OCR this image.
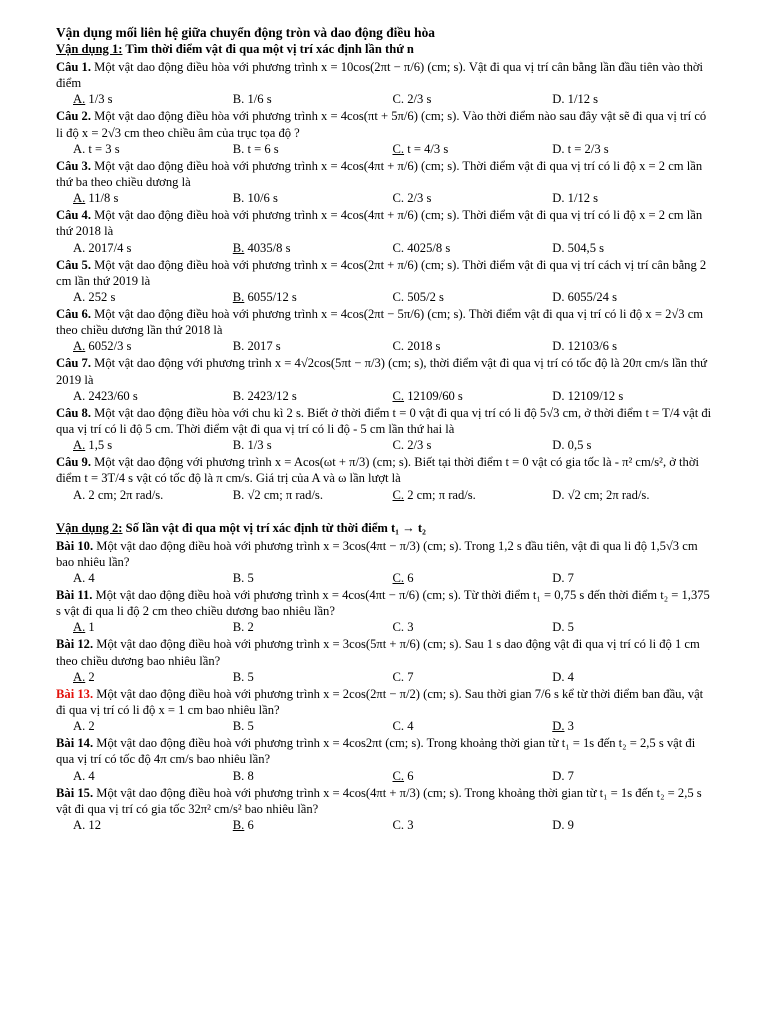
Vận dụng mối liên hệ giữa chuyển động tròn và dao động điều hòa
Vận dụng 1: Tìm thời điểm vật đi qua một vị trí xác định lần thứ n
Câu 1. Một vật dao động điều hòa với phương trình x = 10cos(2πt − π/6) (cm; s). Vật đi qua vị trí cân bằng lần đầu tiên vào thời điểm
A. 1/3 s	B. 1/6 s	C. 2/3 s	D. 1/12 s
Câu 2. Một vật dao động điều hòa với phương trình x = 4cos(πt + 5π/6) (cm; s). Vào thời điểm nào sau đây vật sẽ đi qua vị trí có li độ x = 2√3 cm theo chiều âm của trục tọa độ ?
A. t = 3 s	B. t = 6 s	C. t = 4/3 s	D. t = 2/3 s
Câu 3. Một vật dao động điều hoà với phương trình x = 4cos(4πt + π/6) (cm; s). Thời điểm vật đi qua vị trí có li độ x = 2 cm lần thứ ba theo chiều dương là
A. 11/8 s	B. 10/6 s	C. 2/3 s	D. 1/12 s
Câu 4. Một vật dao động điều hoà với phương trình x = 4cos(4πt + π/6) (cm; s). Thời điểm vật đi qua vị trí có li độ x = 2 cm lần thứ 2018 là
A. 2017/4 s	B. 4035/8 s	C. 4025/8 s	D. 504,5 s
Câu 5. Một vật dao động điều hoà với phương trình x = 4cos(2πt + π/6) (cm; s). Thời điểm vật đi qua vị trí cách vị trí cân bằng 2 cm lần thứ 2019 là
A. 252 s	B. 6055/12 s	C. 505/2 s	D. 6055/24 s
Câu 6. Một vật dao động điều hoà với phương trình x = 4cos(2πt − 5π/6) (cm; s). Thời điểm vật đi qua vị trí có li độ x = 2√3 cm theo chiều dương lần thứ 2018 là
A. 6052/3 s	B. 2017 s	C. 2018 s	D. 12103/6 s
Câu 7. Một vật dao động với phương trình x = 4√2cos(5πt − π/3) (cm; s), thời điểm vật đi qua vị trí có tốc độ là 20π cm/s lần thứ 2019 là
A. 2423/60 s	B. 2423/12 s	C. 12109/60 s	D. 12109/12 s
Câu 8. Một vật dao động điều hòa với chu kì 2 s. Biết ở thời điểm t = 0 vật đi qua vị trí có li độ 5√3 cm, ở thời điểm t = T/4 vật đi qua vị trí có li độ 5 cm. Thời điểm vật đi qua vị trí có li độ - 5 cm lần thứ hai là
A. 1,5 s	B. 1/3 s	C. 2/3 s	D. 0,5 s
Câu 9. Một vật dao động với phương trình x = Acos(ωt + π/3) (cm; s). Biết tại thời điểm t = 0 vật có gia tốc là - π² cm/s², ở thời điểm t = 3T/4 s vật có tốc độ là π cm/s. Giá trị của A và ω lần lượt là
A. 2 cm; 2π rad/s.	B. √2 cm; π rad/s.	C. 2 cm; π rad/s.	D. √2 cm; 2π rad/s.
Vận dụng 2: Số lần vật đi qua một vị trí xác định từ thời điểm t₁ → t₂
Bài 10. Một vật dao động điều hoà với phương trình x = 3cos(4πt − π/3) (cm; s). Trong 1,2 s đầu tiên, vật đi qua li độ 1,5√3 cm bao nhiêu lần?
A. 4	B. 5	C. 6	D. 7
Bài 11. Một vật dao động điều hoà với phương trình x = 4cos(4πt − π/6) (cm; s). Từ thời điểm t₁ = 0,75 s đến thời điểm t₂ = 1,375 s vật đi qua li độ 2 cm theo chiều dương bao nhiêu lần?
A. 1	B. 2	C. 3	D. 5
Bài 12. Một vật dao động điều hoà với phương trình x = 3cos(5πt + π/6) (cm; s). Sau 1 s dao động vật đi qua vị trí có li độ 1 cm theo chiều dương bao nhiêu lần?
A. 2	B. 5	C. 7	D. 4
Bài 13. Một vật dao động điều hoà với phương trình x = 2cos(2πt − π/2) (cm; s). Sau thời gian 7/6 s kể từ thời điểm ban đầu, vật đi qua vị trí có li độ x = 1 cm bao nhiêu lần?
A. 2	B. 5	C. 4	D. 3
Bài 14. Một vật dao động điều hoà với phương trình x = 4cos2πt (cm; s). Trong khoảng thời gian từ t₁ = 1s đến t₂ = 2,5 s vật đi qua vị trí có tốc độ 4π cm/s bao nhiêu lần?
A. 4	B. 8	C. 6	D. 7
Bài 15. Một vật dao động điều hoà với phương trình x = 4cos(4πt + π/3) (cm; s). Trong khoảng thời gian từ t₁ = 1s đến t₂ = 2,5 s vật đi qua vị trí có gia tốc 32π² cm/s² bao nhiêu lần?
A. 12	B. 6	C. 3	D. 9
